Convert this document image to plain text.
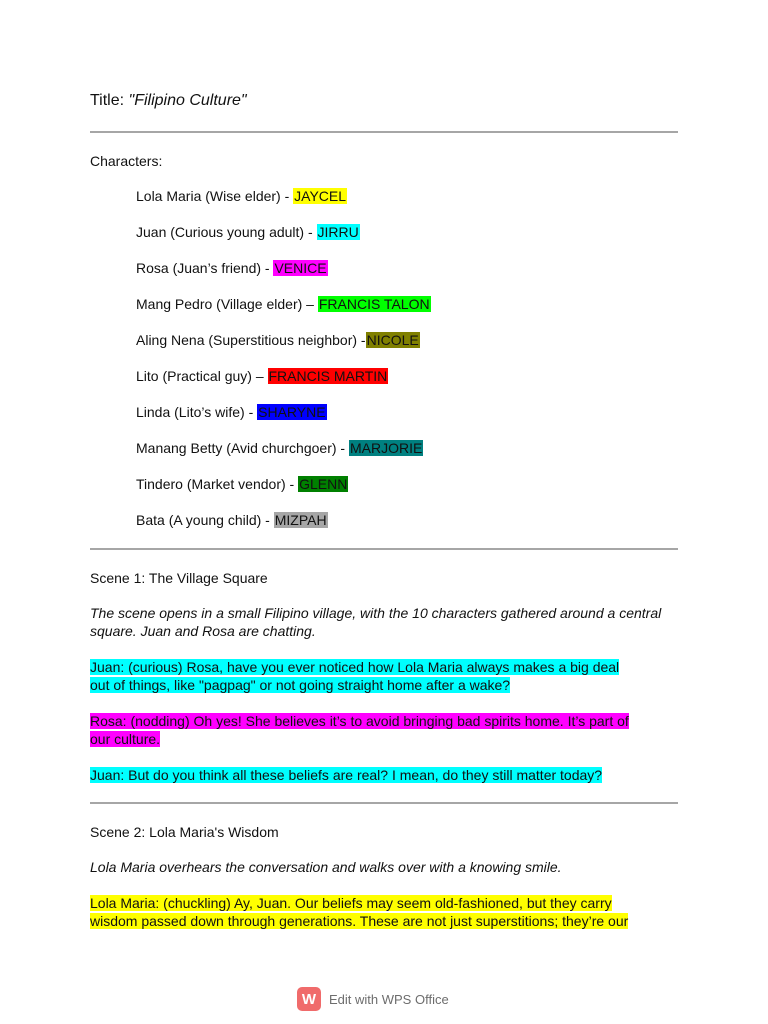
Title: "Filipino Culture"
Characters:
Lola Maria (Wise elder) - JAYCEL
Juan (Curious young adult) - JIRRU
Rosa (Juan’s friend) - VENICE
Mang Pedro (Village elder) – FRANCIS TALON
Aling Nena (Superstitious neighbor) -NICOLE
Lito (Practical guy) – FRANCIS MARTIN
Linda (Lito’s wife) - SHARYNE
Manang Betty (Avid churchgoer) - MARJORIE
Tindero (Market vendor) - GLENN
Bata (A young child) - MIZPAH
Scene 1: The Village Square
The scene opens in a small Filipino village, with the 10 characters gathered around a central square. Juan and Rosa are chatting.
Juan: (curious) Rosa, have you ever noticed how Lola Maria always makes a big deal
out of things, like "pagpag" or not going straight home after a wake?
Rosa: (nodding) Oh yes! She believes it’s to avoid bringing bad spirits home. It’s part of
our culture.
Juan: But do you think all these beliefs are real? I mean, do they still matter today?
Scene 2: Lola Maria's Wisdom
Lola Maria overhears the conversation and walks over with a knowing smile.
Lola Maria: (chuckling) Ay, Juan. Our beliefs may seem old-fashioned, but they carry
wisdom passed down through generations. These are not just superstitions; they’re our
W Edit with WPS Office
